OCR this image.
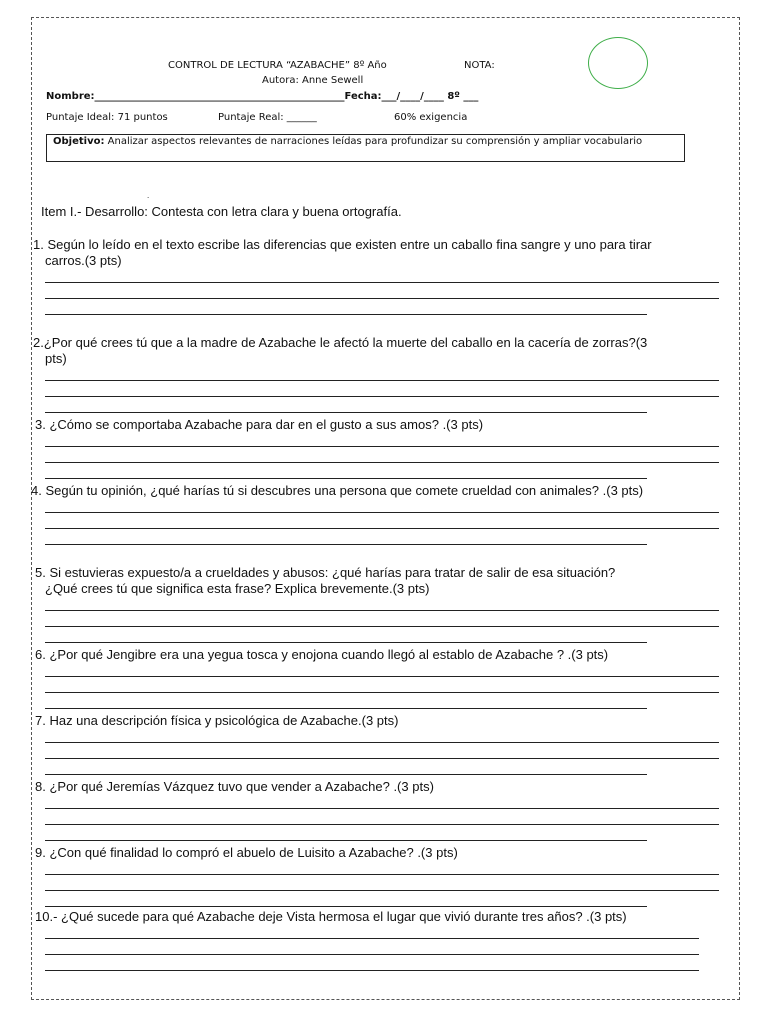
CONTROL DE LECTURA “AZABACHE” 8º Año	NOTA:
Autora: Anne Sewell
Nombre:__________________________________________________Fecha:___/____/____ 8º ___
Puntaje Ideal: 71 puntos	Puntaje Real: ______	60% exigencia
Objetivo: Analizar aspectos relevantes de narraciones leídas para profundizar su comprensión y ampliar vocabulario
.
Item I.- Desarrollo: Contesta con letra clara y buena ortografía.
1. Según lo leído en el texto escribe las diferencias que existen entre un caballo fina sangre y uno para tirar
carros.(3 pts)
2.¿Por qué crees tú que a la madre de Azabache le afectó la muerte del caballo en la cacería de zorras?(3
pts)
3. ¿Cómo se comportaba Azabache para dar en el gusto a sus amos? .(3 pts)
4. Según tu opinión, ¿qué harías tú si descubres una persona que comete crueldad con animales? .(3 pts)
5. Si estuvieras expuesto/a a crueldades y abusos: ¿qué harías para tratar de salir de esa situación?
¿Qué crees tú que significa esta frase? Explica brevemente.(3 pts)
6. ¿Por qué Jengibre era una yegua tosca y enojona cuando llegó al establo de Azabache ? .(3 pts)
7. Haz una descripción física y psicológica de Azabache.(3 pts)
8. ¿Por qué Jeremías Vázquez tuvo que vender a Azabache? .(3 pts)
9. ¿Con qué finalidad lo compró el abuelo de Luisito a Azabache? .(3 pts)
10.- ¿Qué sucede para qué Azabache deje Vista hermosa el lugar que vivió durante tres años? .(3 pts)
